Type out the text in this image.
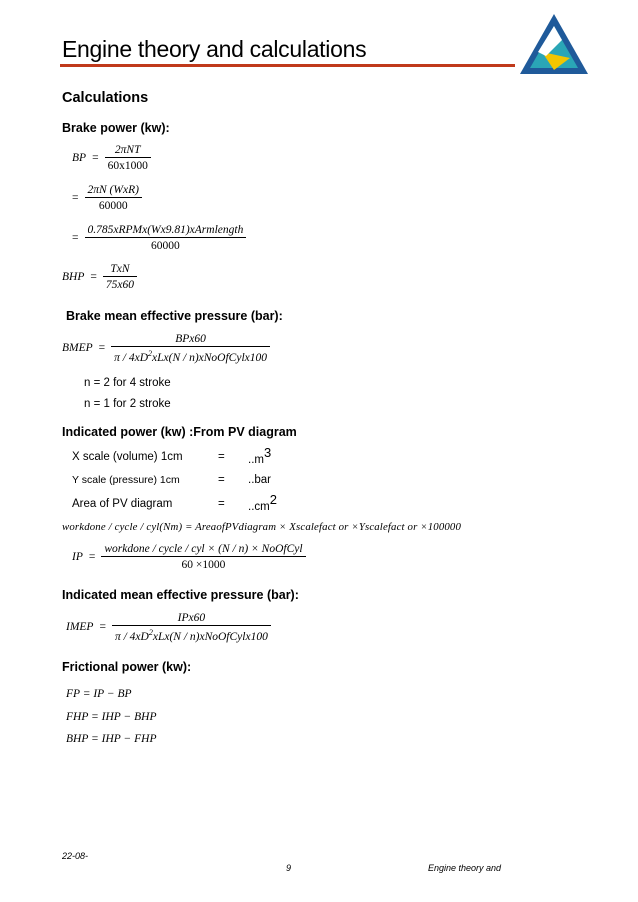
Engine theory and calculations
Calculations
Brake power (kw):
BP = $\frac{\text{2πNT}}{60x1000}$
= $\frac{\text{2πN (WxR)}}{60000}$
= $\frac{\text{0.785xRPMx(Wx9.81)xArmlength}}{60000}$
BHP = $\frac{\text{TxN}}{75x60}$
Brake mean effective pressure (bar):
BMEP = $\frac{\text{BPx60}}{\pi / 4xD^2xLx(N / n)xNoOfCylx100}$
n = 2 for 4 stroke
n = 1 for 2 stroke
Indicated power (kw) :From PV diagram
X scale (volume) 1cm	= ..m3
Y scale (pressure) 1cm	= ..bar
Area of PV diagram	= ..cm2
workdone / cycle / cyl(Nm) = AreaofPVdiagram × Xscalefact or ×Yscalefact or ×100000
IP = $\frac{\text{workdone / cycle / cyl × (N / n) × NoOfCyl}}{60 \times 1000}$
Indicated mean effective pressure (bar):
IMEP = $\frac{\text{IPx60}}{\pi / 4xD^2xLx(N / n)xNoOfCylx100}$
Frictional power (kw):
FP = IP − BP
FHP = IHP − BHP
BHP = IHP − FHP
22-08-
9	Engine theory and
